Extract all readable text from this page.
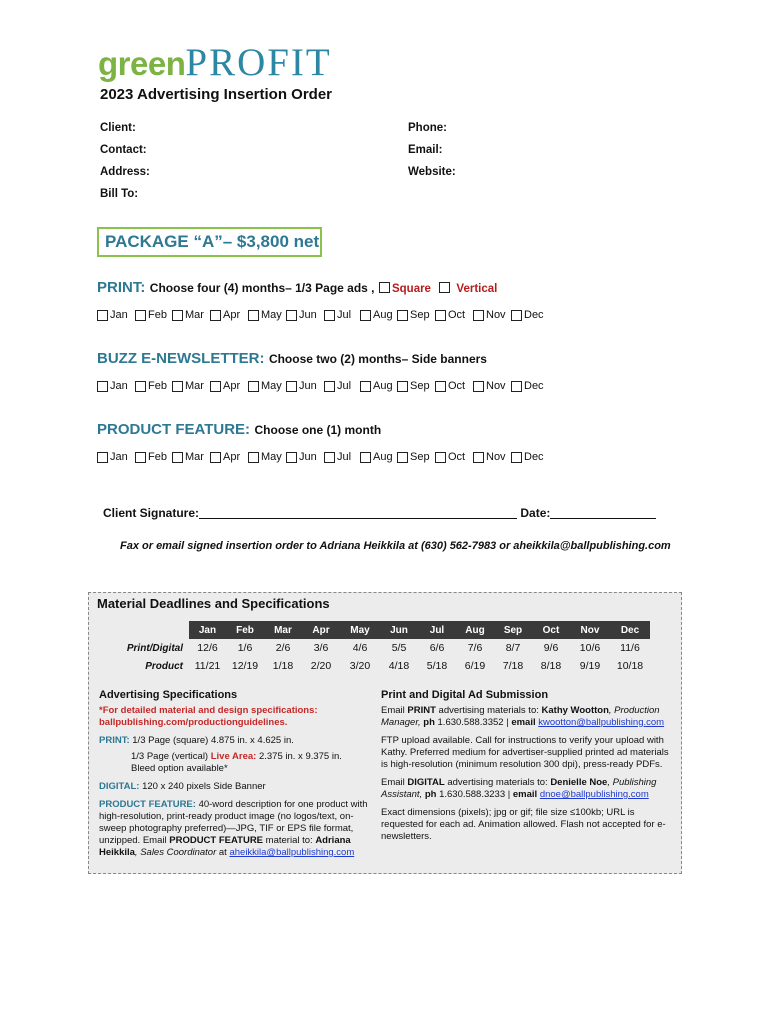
greenPROFIT
2023 Advertising Insertion Order
Client:
Contact:
Address:
Bill To:
Phone:
Email:
Website:
PACKAGE “A”– $3,800 net
PRINT: Choose four (4) months– 1/3 Page ads , Square Vertical
Jan Feb Mar Apr May Jun Jul Aug Sep Oct Nov Dec
BUZZ E-NEWSLETTER: Choose two (2) months– Side banners
Jan Feb Mar Apr May Jun Jul Aug Sep Oct Nov Dec
PRODUCT FEATURE: Choose one (1) month
Jan Feb Mar Apr May Jun Jul Aug Sep Oct Nov Dec
Client Signature:	Date:
Fax or email signed insertion order to Adriana Heikkila at (630) 562-7983 or aheikkila@ballpublishing.com
Material Deadlines and Specifications
	Jan	Feb	Mar	Apr	May	Jun	Jul	Aug	Sep	Oct	Nov	Dec
Print/Digital	12/6	1/6	2/6	3/6	4/6	5/5	6/6	7/6	8/7	9/6	10/6	11/6
Product	11/21	12/19	1/18	2/20	3/20	4/18	5/18	6/19	7/18	8/18	9/19	10/18
Advertising Specifications
*For detailed material and design specifications:
ballpublishing.com/productionguidelines.
PRINT: 1/3 Page (square) 4.875 in. x 4.625 in.
1/3 Page (vertical) Live Area: 2.375 in. x 9.375 in.
Bleed option available*
DIGITAL: 120 x 240 pixels Side Banner
PRODUCT FEATURE: 40-word description for one product with high-resolution, print-ready product image (no logos/text, on-sweep photography preferred)—JPG, TIF or EPS file format, unzipped. Email PRODUCT FEATURE material to: Adriana Heikkila, Sales Coordinator at aheikkila@ballpublishing.com
Print and Digital Ad Submission
Email PRINT advertising materials to: Kathy Wootton, Production Manager, ph 1.630.588.3352 | email kwootton@ballpublishing.com
FTP upload available. Call for instructions to verify your upload with Kathy. Preferred medium for advertiser-supplied printed ad materials is high-resolution (minimum resolution 300 dpi), press-ready PDFs.
Email DIGITAL advertising materials to: Denielle Noe, Publishing Assistant, ph 1.630.588.3233 | email dnoe@ballpublishing.com
Exact dimensions (pixels); jpg or gif; file size ≤100kb; URL is requested for each ad. Animation allowed. Flash not accepted for e-newsletters.
